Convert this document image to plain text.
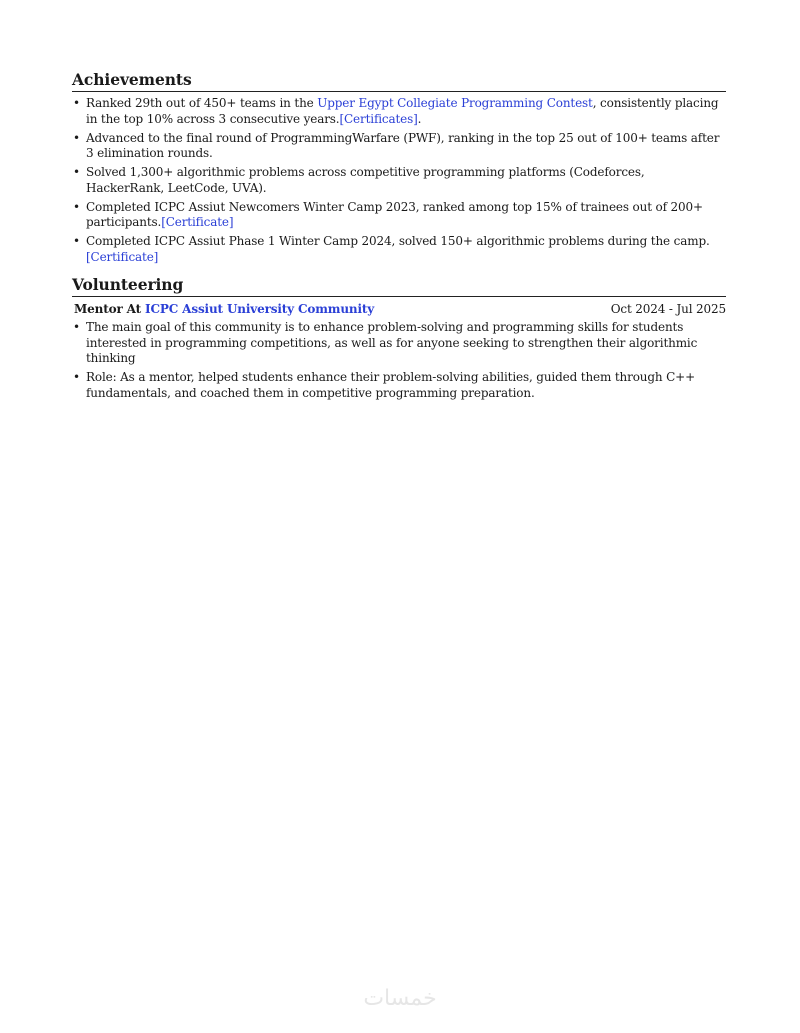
Achievements
• Ranked 29th out of 450+ teams in the Upper Egypt Collegiate Programming Contest, consistently placing in the top 10% across 3 consecutive years.[Certificates].
• Advanced to the final round of ProgrammingWarfare (PWF), ranking in the top 25 out of 100+ teams after 3 elimination rounds.
• Solved 1,300+ algorithmic problems across competitive programming platforms (Codeforces, HackerRank, LeetCode, UVA).
• Completed ICPC Assiut Newcomers Winter Camp 2023, ranked among top 15% of trainees out of 200+ participants.[Certificate]
• Completed ICPC Assiut Phase 1 Winter Camp 2024, solved 150+ algorithmic problems during the camp. [Certificate]
Volunteering
Mentor At ICPC Assiut University Community	Oct 2024 - Jul 2025
• The main goal of this community is to enhance problem-solving and programming skills for students interested in programming competitions, as well as for anyone seeking to strengthen their algorithmic thinking
• Role: As a mentor, helped students enhance their problem-solving abilities, guided them through C++ fundamentals, and coached them in competitive programming preparation.
خمسات
